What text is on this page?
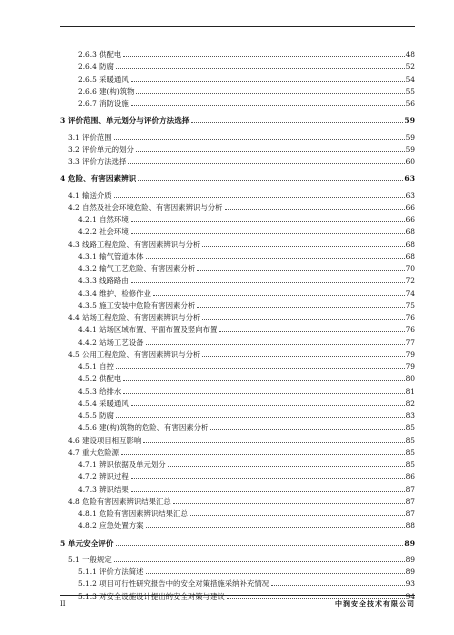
2.6.3 供配电	48
2.6.4 防腐	52
2.6.5 采暖通风	54
2.6.6 建(构)筑物	55
2.6.7 消防设施	56
3 评价范围、单元划分与评价方法选择	59
3.1 评价范围	59
3.2 评价单元的划分	59
3.3 评价方法选择	60
4 危险、有害因素辨识	63
4.1 输送介质	63
4.2 自然及社会环境危险、有害因素辨识与分析	66
4.2.1 自然环境	66
4.2.2 社会环境	68
4.3 线路工程危险、有害因素辨识与分析	68
4.3.1 输气管道本体	68
4.3.2 输气工艺危险、有害因素分析	70
4.3.3 线路路由	72
4.3.4 维护、检修作业	74
4.3.5 施工安装中危险有害因素分析	75
4.4 站场工程危险、有害因素辨识与分析	76
4.4.1 站场区域布置、平面布置及竖向布置	76
4.4.2 站场工艺设备	77
4.5 公用工程危险、有害因素辨识与分析	79
4.5.1 自控	79
4.5.2 供配电	80
4.5.3 给排水	81
4.5.4 采暖通风	82
4.5.5 防腐	83
4.5.6 建(构)筑物的危险、有害因素分析	85
4.6 建设项目相互影响	85
4.7 重大危险源	85
4.7.1 辨识依据及单元划分	85
4.7.2 辨识过程	86
4.7.3 辨识结果	87
4.8 危险有害因素辨识结果汇总	87
4.8.1 危险有害因素辨识结果汇总	87
4.8.2 应急处置方案	88
5 单元安全评价	89
5.1 一般规定	89
5.1.1 评价方法简述	89
5.1.2 项目可行性研究报告中的安全对策措施采纳补充情况	93
5.1.3 对安全设施设计提出的安全对策与建议	94
II	中润安全技术有限公司
